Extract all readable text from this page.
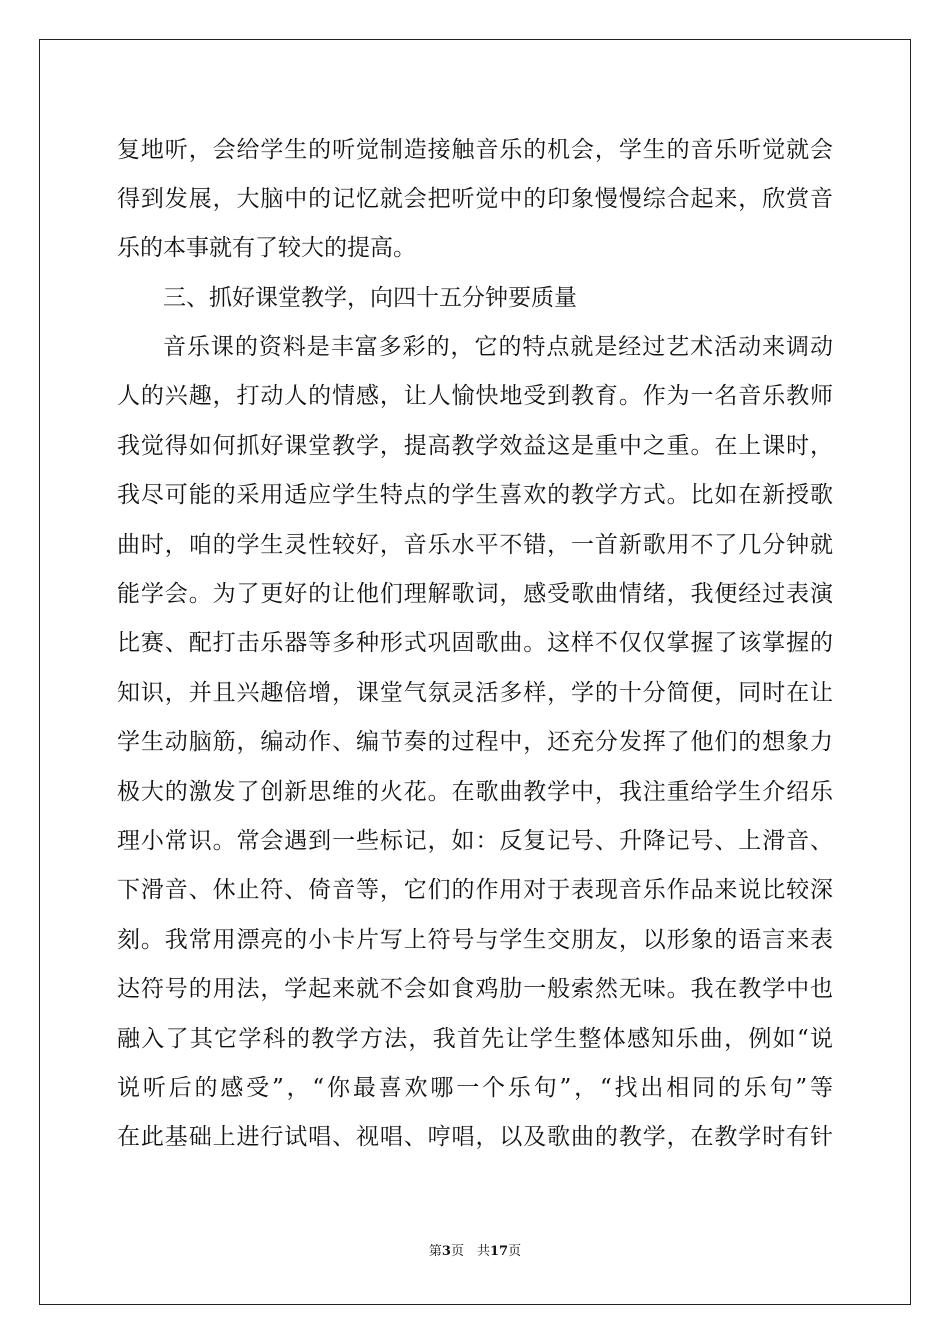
复地听，会给学生的听觉制造接触音乐的机会，学生的音乐听觉就会
得到发展，大脑中的记忆就会把听觉中的印象慢慢综合起来，欣赏音
乐的本事就有了较大的提高。
三、抓好课堂教学，向四十五分钟要质量
音乐课的资料是丰富多彩的，它的特点就是经过艺术活动来调动
人的兴趣，打动人的情感，让人愉快地受到教育。作为一名音乐教师
我觉得如何抓好课堂教学，提高教学效益这是重中之重。在上课时，
我尽可能的采用适应学生特点的学生喜欢的教学方式。比如在新授歌
曲时，咱的学生灵性较好，音乐水平不错，一首新歌用不了几分钟就
能学会。为了更好的让他们理解歌词，感受歌曲情绪，我便经过表演
比赛、配打击乐器等多种形式巩固歌曲。这样不仅仅掌握了该掌握的
知识，并且兴趣倍增，课堂气氛灵活多样，学的十分简便，同时在让
学生动脑筋，编动作、编节奏的过程中，还充分发挥了他们的想象力
极大的激发了创新思维的火花。在歌曲教学中，我注重给学生介绍乐
理小常识。常会遇到一些标记，如：反复记号、升降记号、上滑音、
下滑音、休止符、倚音等，它们的作用对于表现音乐作品来说比较深
刻。我常用漂亮的小卡片写上符号与学生交朋友，以形象的语言来表
达符号的用法，学起来就不会如食鸡肋一般索然无味。我在教学中也
融入了其它学科的教学方法，我首先让学生整体感知乐曲，例如“说
说听后的感受”，“你最喜欢哪一个乐句”，“找出相同的乐句”等
在此基础上进行试唱、视唱、哼唱，以及歌曲的教学，在教学时有针
第3页　共17页
